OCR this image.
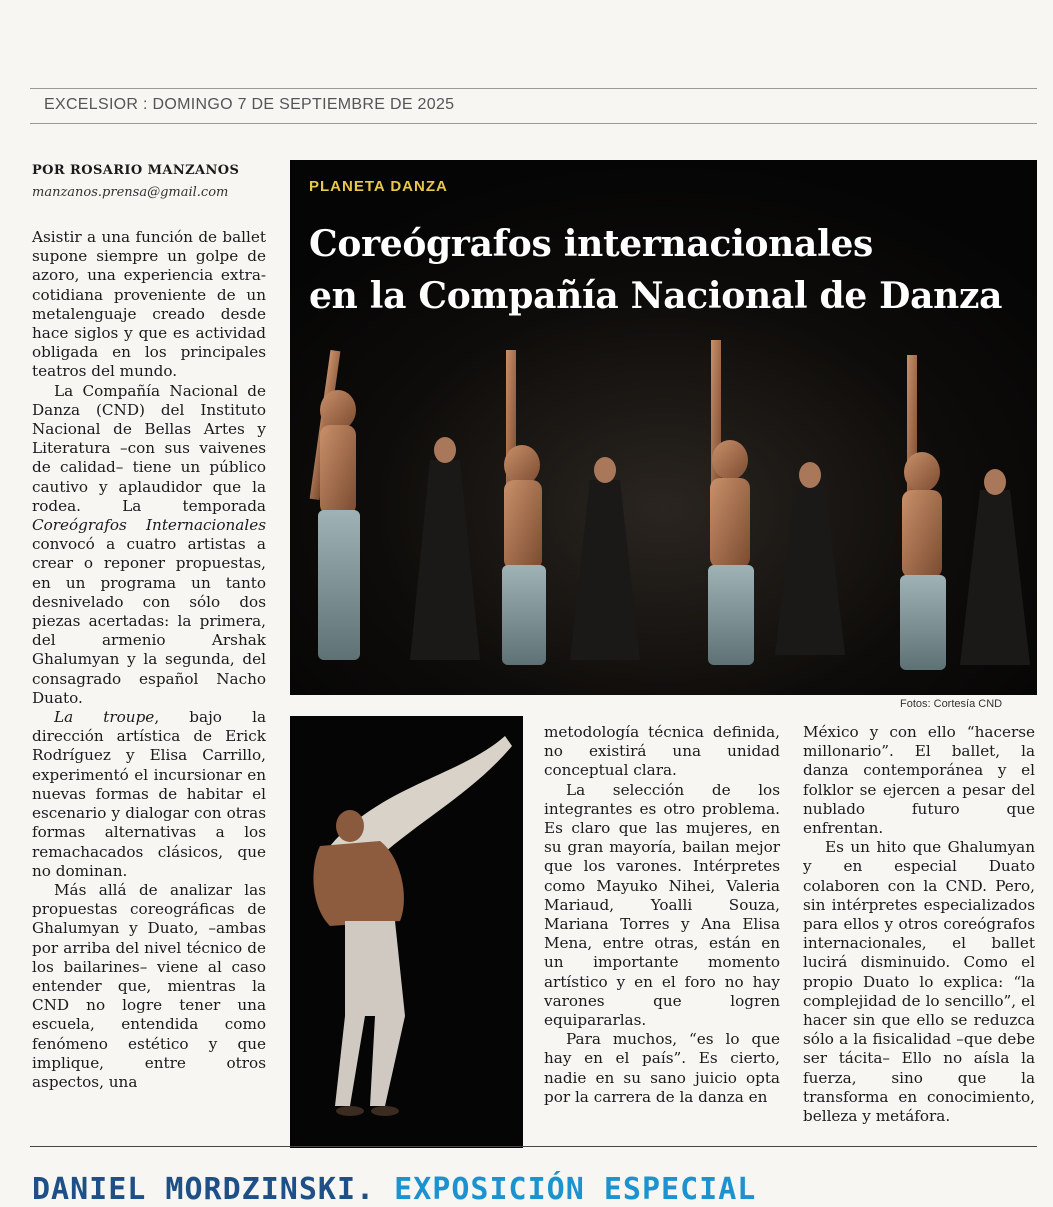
EXCELSIOR : DOMINGO 7 DE SEPTIEMBRE DE 2025
POR ROSARIO MANZANOS
manzanos.prensa@gmail.com

Asistir a una función de ballet supone siempre un golpe de azoro, una experiencia extra-cotidiana proveniente de un metalenguaje creado desde hace siglos y que es actividad obligada en los principales teatros del mundo.

La Compañía Nacional de Danza (CND) del Instituto Nacional de Bellas Artes y Literatura –con sus vaivenes de calidad– tiene un público cautivo y aplaudidor que la rodea. La temporada Coreógrafos Internacionales convocó a cuatro artistas a crear o reponer propuestas, en un programa un tanto desnivelado con sólo dos piezas acertadas: la primera, del armenio Arshak Ghalumyan y la segunda, del consagrado español Nacho Duato.

La troupe, bajo la dirección artística de Erick Rodríguez y Elisa Carrillo, experimentó el incursionar en nuevas formas de habitar el escenario y dialogar con otras formas alternativas a los remachacados clásicos, que no dominan.

Más allá de analizar las propuestas coreográficas de Ghalumyan y Duato, –ambas por arriba del nivel técnico de los bailarines– viene al caso entender que, mientras la CND no logre tener una escuela, entendida como fenómeno estético y que implique, entre otros aspectos, una

PLANETA DANZA
Coreógrafos internacionales
en la Compañía Nacional de Danza
Fotos: Cortesía CND

metodología técnica definida, no existirá una unidad conceptual clara.

La selección de los integrantes es otro problema. Es claro que las mujeres, en su gran mayoría, bailan mejor que los varones. Intérpretes como Mayuko Nihei, Valeria Mariaud, Yoalli Souza, Mariana Torres y Ana Elisa Mena, entre otras, están en un importante momento artístico y en el foro no hay varones que logren equipararlas.

Para muchos, “es lo que hay en el país”. Es cierto, nadie en su sano juicio opta por la carrera de la danza en

México y con ello “hacerse millonario”. El ballet, la danza contemporánea y el folklor se ejercen a pesar del nublado futuro que enfrentan.

Es un hito que Ghalumyan y en especial Duato colaboren con la CND. Pero, sin intérpretes especializados para ellos y otros coreógrafos internacionales, el ballet lucirá disminuido. Como el propio Duato lo explica: “la complejidad de lo sencillo”, el hacer sin que ello se reduzca sólo a la fisicalidad –que debe ser tácita– Ello no aísla la fuerza, sino que la transforma en conocimiento, belleza y metáfora.

DANIEL MORDZINSKI. EXPOSICIÓN ESPECIAL
